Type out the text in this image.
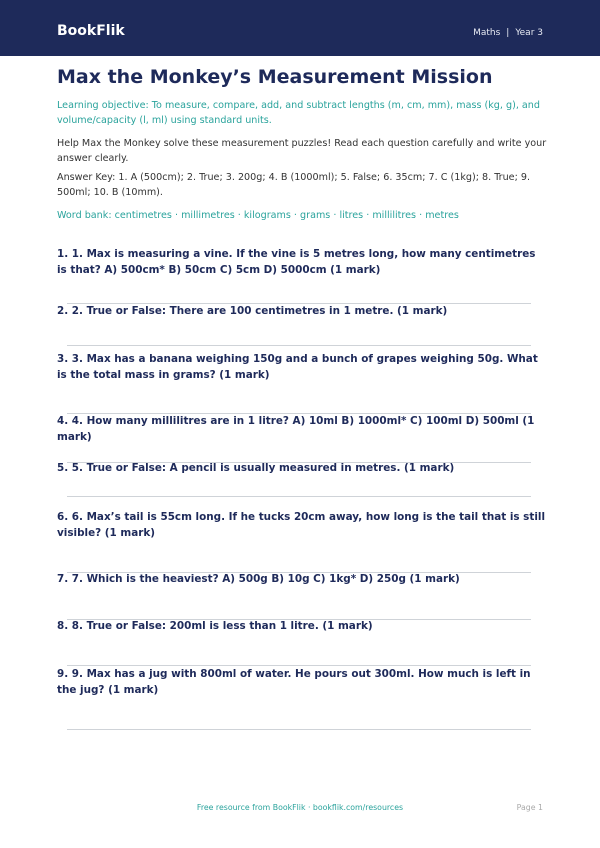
BookFlik	Maths | Year 3
Max the Monkey’s Measurement Mission
Learning objective: To measure, compare, add, and subtract lengths (m, cm, mm), mass (kg, g), and volume/capacity (l, ml) using standard units.
Help Max the Monkey solve these measurement puzzles! Read each question carefully and write your answer clearly.
Answer Key: 1. A (500cm); 2. True; 3. 200g; 4. B (1000ml); 5. False; 6. 35cm; 7. C (1kg); 8. True; 9. 500ml; 10. B (10mm).
Word bank: centimetres · millimetres · kilograms · grams · litres · millilitres · metres
1. 1. Max is measuring a vine. If the vine is 5 metres long, how many centimetres is that? A) 500cm* B) 50cm C) 5cm D) 5000cm (1 mark)
2. 2. True or False: There are 100 centimetres in 1 metre. (1 mark)
3. 3. Max has a banana weighing 150g and a bunch of grapes weighing 50g. What is the total mass in grams? (1 mark)
4. 4. How many millilitres are in 1 litre? A) 10ml B) 1000ml* C) 100ml D) 500ml (1 mark)
5. 5. True or False: A pencil is usually measured in metres. (1 mark)
6. 6. Max’s tail is 55cm long. If he tucks 20cm away, how long is the tail that is still visible? (1 mark)
7. 7. Which is the heaviest? A) 500g B) 10g C) 1kg* D) 250g (1 mark)
8. 8. True or False: 200ml is less than 1 litre. (1 mark)
9. 9. Max has a jug with 800ml of water. He pours out 300ml. How much is left in the jug? (1 mark)
Free resource from BookFlik · bookflik.com/resources	Page 1
